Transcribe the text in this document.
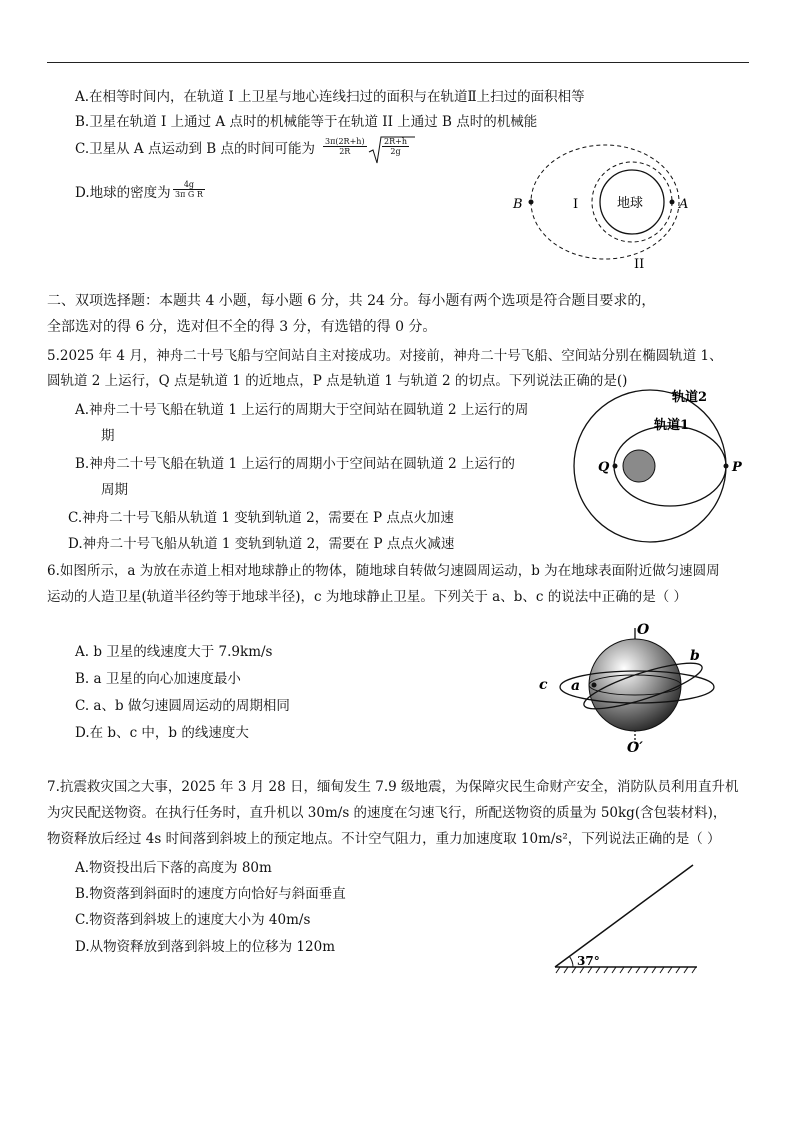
A.在相等时间内，在轨道 I 上卫星与地心连线扫过的面积与在轨道Ⅱ上扫过的面积相等
B.卫星在轨道 I 上通过 A 点时的机械能等于在轨道 II 上通过 B 点时的机械能
C.卫星从 A 点运动到 B 点的时间可能为 $\frac{3\pi(2R+h)}{2R} \frac{2R+h}{2g}$
D.地球的密度为 $\frac{4g}{\text{3π G R}}$
B	I	地球	A
II
二、双项选择题：本题共 4 小题，每小题 6 分，共 24 分。每小题有两个选项是符合题目要求的，
全部选对的得 6 分，选对但不全的得 3 分，有选错的得 0 分。
5.2025 年 4 月，神舟二十号飞船与空间站自主对接成功。对接前，神舟二十号飞船、空间站分别在椭圆轨道 1、
圆轨道 2 上运行，Q 点是轨道 1 的近地点，P 点是轨道 1 与轨道 2 的切点。下列说法正确的是()
A.神舟二十号飞船在轨道 1 上运行的周期大于空间站在圆轨道 2 上运行的周
期
B.神舟二十号飞船在轨道 1 上运行的周期小于空间站在圆轨道 2 上运行的
周期
C.神舟二十号飞船从轨道 1 变轨到轨道 2，需要在 P 点点火加速
D.神舟二十号飞船从轨道 1 变轨到轨道 2，需要在 P 点点火减速
轨道2
轨道1
Q	P
6.如图所示，a 为放在赤道上相对地球静止的物体，随地球自转做匀速圆周运动，b 为在地球表面附近做匀速圆周
运动的人造卫星(轨道半径约等于地球半径)，c 为地球静止卫星。下列关于 a、b、c 的说法中正确的是（ ）
A. b 卫星的线速度大于 7.9km/s
B. a 卫星的向心加速度最小
C. a、b 做匀速圆周运动的周期相同
D.在 b、c 中，b 的线速度大
O
b
c a
O′
7.抗震救灾国之大事，2025 年 3 月 28 日，缅甸发生 7.9 级地震，为保障灾民生命财产安全，消防队员利用直升机
为灾民配送物资。在执行任务时，直升机以 30m/s 的速度在匀速飞行，所配送物资的质量为 50kg(含包装材料)，
物资释放后经过 4s 时间落到斜坡上的预定地点。不计空气阻力，重力加速度取 10m/s²，下列说法正确的是（ ）
A.物资投出后下落的高度为 80m
B.物资落到斜面时的速度方向恰好与斜面垂直
C.物资落到斜坡上的速度大小为 40m/s
D.从物资释放到落到斜坡上的位移为 120m
37°
